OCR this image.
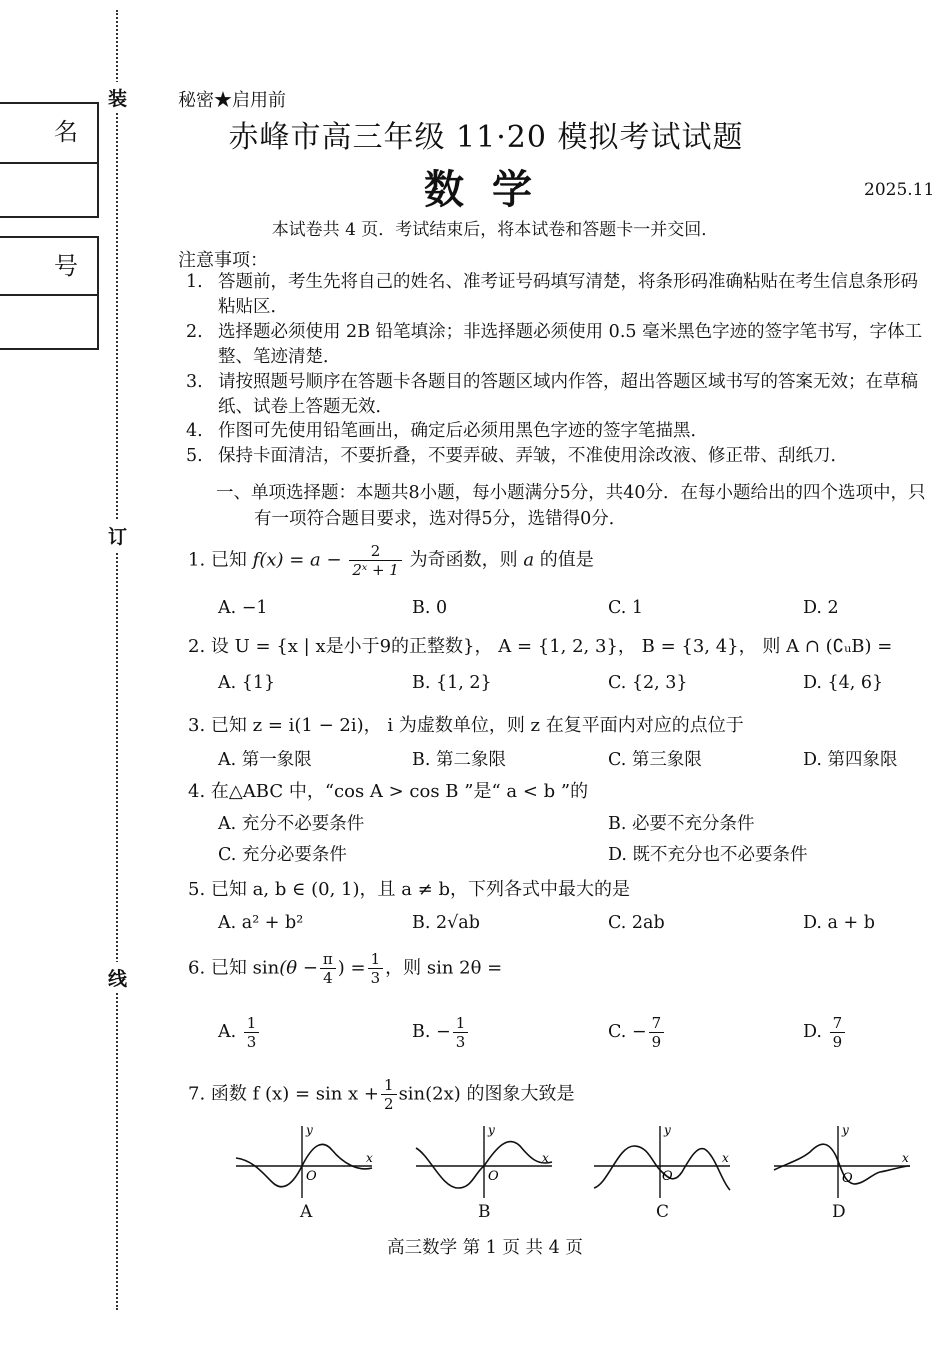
装
订
线
名
号
秘密★启用前
赤峰市高三年级 11·20 模拟考试试题
数学	2025.11
本试卷共 4 页．考试结束后，将本试卷和答题卡一并交回．
注意事项：
1. 答题前，考生先将自己的姓名、准考证号码填写清楚，将条形码准确粘贴在考生信息条形码粘贴区．
2. 选择题必须使用 2B 铅笔填涂；非选择题必须使用 0.5 毫米黑色字迹的签字笔书写，字体工整、笔迹清楚．
3. 请按照题号顺序在答题卡各题目的答题区域内作答，超出答题区域书写的答案无效；在草稿纸、试卷上答题无效．
4. 作图可先使用铅笔画出，确定后必须用黑色字迹的签字笔描黑．
5. 保持卡面清洁，不要折叠，不要弄破、弄皱，不准使用涂改液、修正带、刮纸刀．
一、单项选择题：本题共8小题，每小题满分5分，共40分．在每小题给出的四个选项中，只有一项符合题目要求，选对得5分，选错得0分．
1. 已知 $f(x) = a - \frac{2}{\text{2ˣ + 1}}$ 为奇函数，则 a 的值是
A. −1	B. 0	C. 1	D. 2
2. 设 U = {x | x是小于9的正整数}， A = {1, 2, 3}， B = {3, 4}， 则 A ∩ (∁ᵤB) =
A. {1}	B. {1, 2}	C. {2, 3}	D. {4, 6}
3. 已知 z = i(1 − 2i)， i 为虚数单位，则 z 在复平面内对应的点位于
A. 第一象限	B. 第二象限	C. 第三象限	D. 第四象限
4. 在△ABC 中，“cos A > cos B ”是“ a < b ”的
A. 充分不必要条件	B. 必要不充分条件
C. 充分必要条件	D. 既不充分也不必要条件
5. 已知 a, b ∈ (0, 1)，且 a ≠ b，下列各式中最大的是
A. a² + b²	B. 2√ab	C. 2ab	D. a + b
6. 已知 $\sin(\theta - \frac{\pi}{4}$ ) = $\frac{1}{3}$ ，则 sin 2θ =
A. $\frac{1}{3}$	B. − $\frac{1}{3}$	C. − $\frac{7}{9}$	D. $\frac{7}{9}$
7. 函数 f $(x) = \sin x + \frac{1}{2} \sin(2x)$ 的图象大致是
y
x
O
y
x
O
y
x
O
y
x
O
A	B	C	D
高三数学 第 1 页 共 4 页
